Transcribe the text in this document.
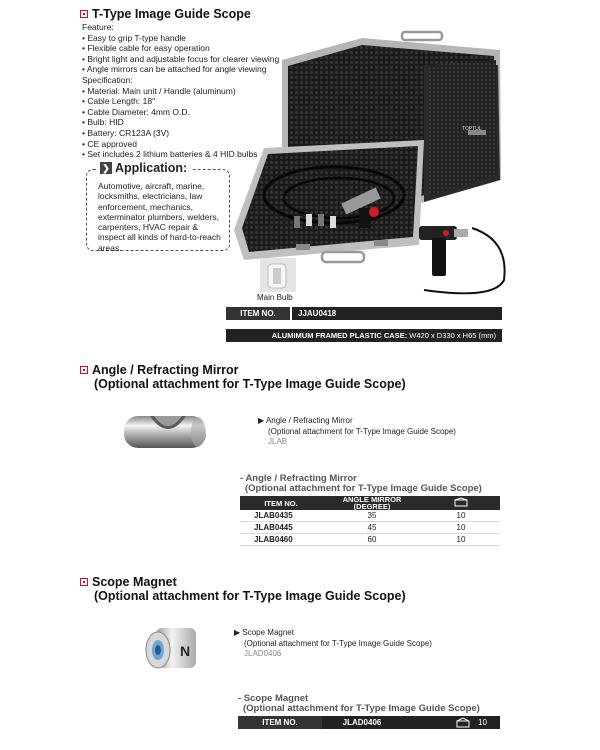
T-Type Image Guide Scope
Feature:
• Easy to grip T-type handle
• Flexible cable for easy operation
• Bright light and adjustable focus for clearer viewing
• Angle mirrors can be attached for angle viewing
Specification:
• Material: Main unit / Handle (aluminum)
• Cable Length: 18"
• Cable Diameter: 4mm O.D.
• Bulb: HID
• Battery: CR123A (3V)
• CE approved
• Set includes 2 lithium batteries & 4 HID bulbs
❯ Application:
Automotive, aircraft, marine, locksmiths, electricians, law enforcement, mechanics, exterminator plumbers, welders, carpenters, HVAC repair & inspect all kinds of hard-to-reach areas.
TOPTUL
Main Bulb
ITEM NO.	JJAU0418
ALUMIMUM FRAMED PLASTIC CASE: W420 x D330 x H65 (mm)
Angle / Refracting Mirror
(Optional attachment for T-Type Image Guide Scope)
▶ Angle / Refracting Mirror
(Optional attachment for T-Type Image Guide Scope)
JLAB
- Angle / Refracting Mirror
(Optional attachment for T-Type Image Guide Scope)
ITEM NO.	ANGLE MIRROR
(DEGREE)	
JLAB0435	35	10
JLAB0445	45	10
JLAB0460	60	10
Scope Magnet
(Optional attachment for T-Type Image Guide Scope)
N
▶ Scope Magnet
(Optional attachment for T-Type Image Guide Scope)
JLAD0406
- Scope Magnet
(Optional attachment for T-Type Image Guide Scope)
ITEM NO.	JLAD0406	10
